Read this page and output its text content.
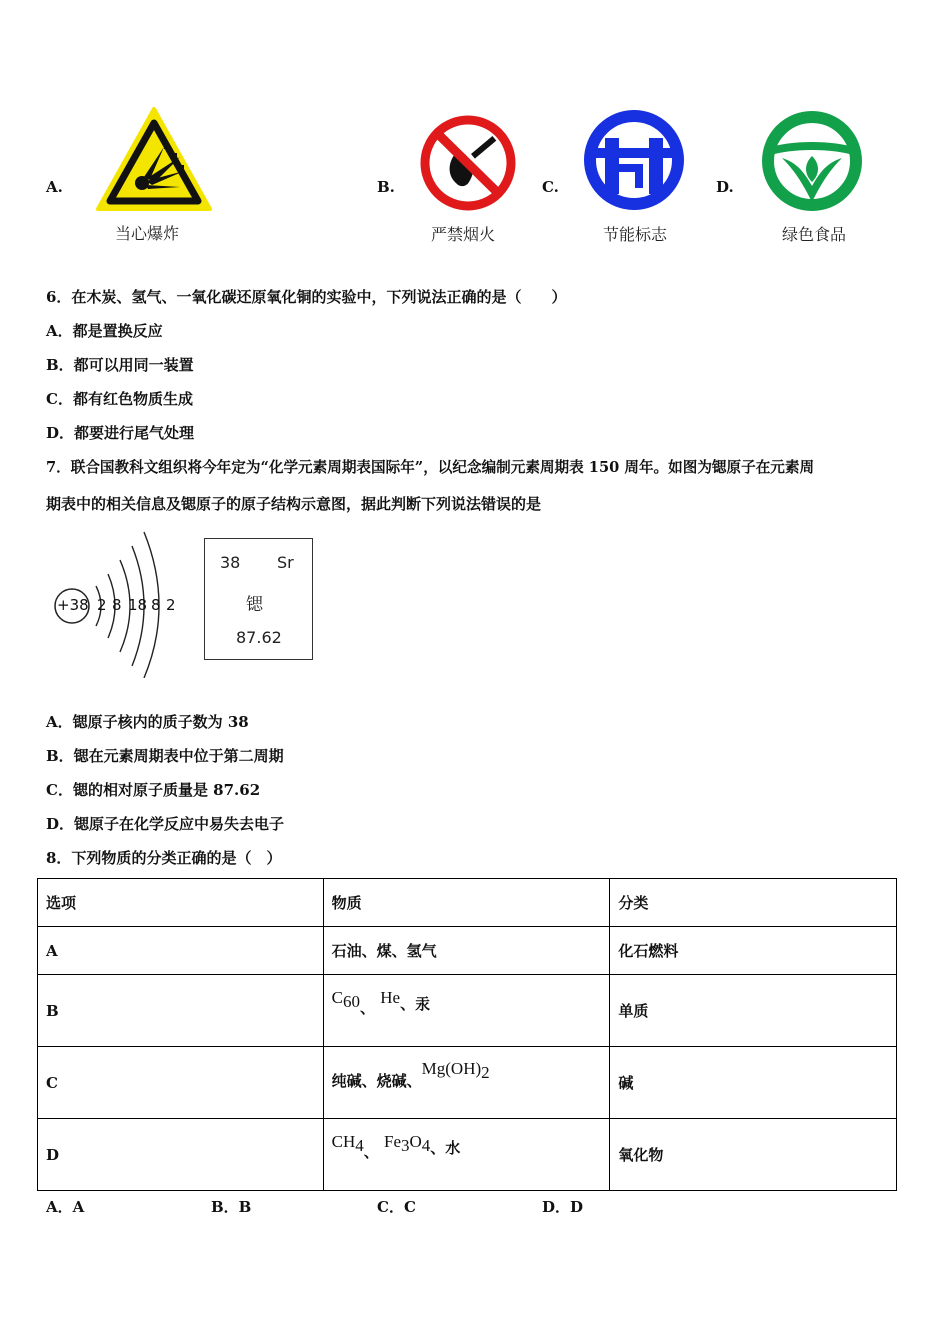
A.
当心爆炸
B.
严禁烟火
C.
节能标志
D.
绿色食品
6．在木炭、氢气、一氧化碳还原氧化铜的实验中，下列说法正确的是（　　）
A．都是置换反应
B．都可以用同一装置
C．都有红色物质生成
D．都要进行尾气处理
7．联合国教科文组织将今年定为“化学元素周期表国际年”，以纪念编制元素周期表 150 周年。如图为锶原子在元素周
期表中的相关信息及锶原子的原子结构示意图，据此判断下列说法错误的是
+38 2 8 18 8 2
38 Sr
锶
87.62
A．锶原子核内的质子数为 38
B．锶在元素周期表中位于第二周期
C．锶的相对原子质量是 87.62
D．锶原子在化学反应中易失去电子
8．下列物质的分类正确的是（　）
选项	物质	分类
A	石油、煤、氢气	化石燃料
B	$C_{60}$、 He、汞	单质
C	纯碱、烧碱、$Mg(OH)_2$	碱
D	$CH_4$、 $Fe_3O_4$、水	氧化物
A．A	B．B	C．C	D．D
